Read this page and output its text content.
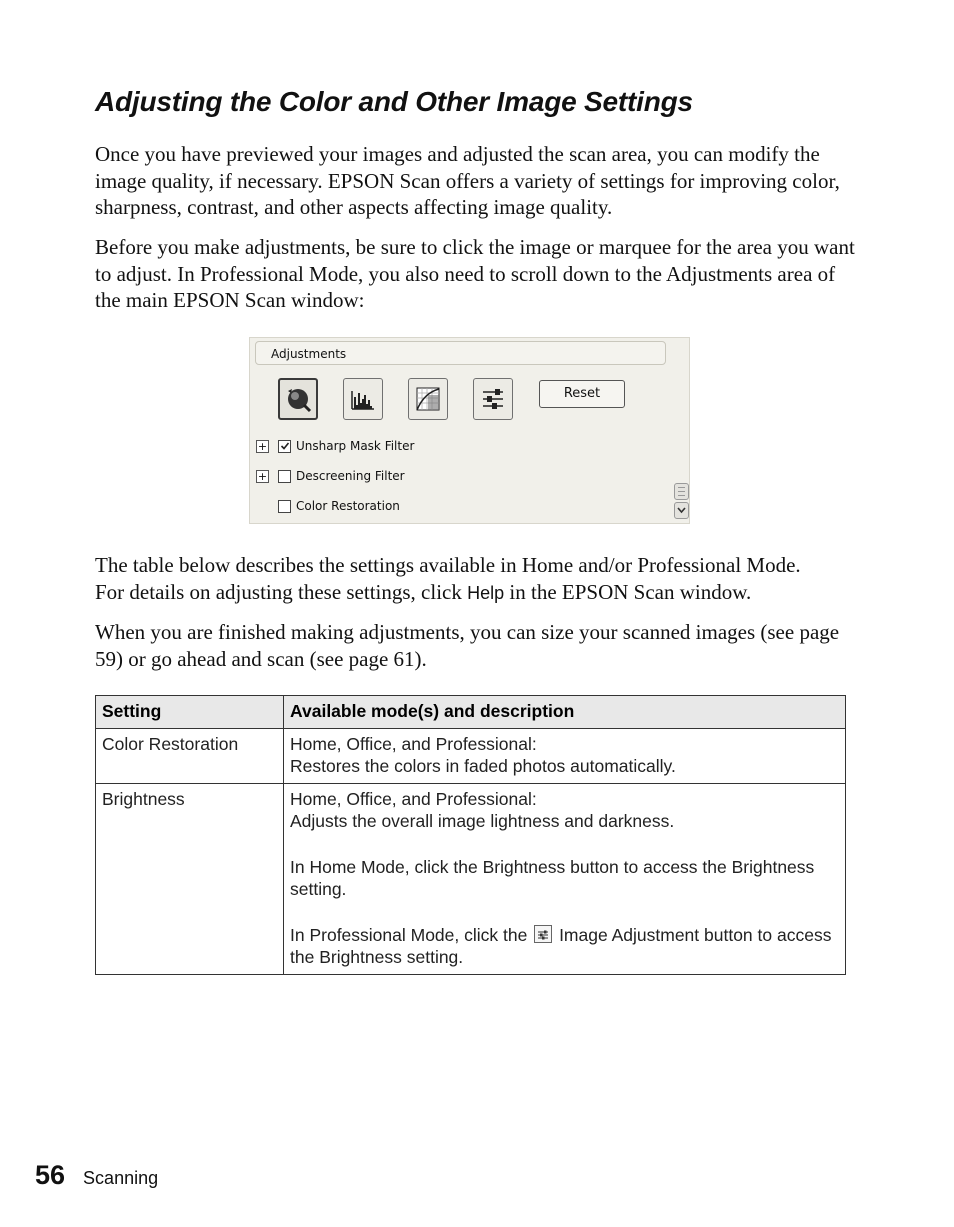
Adjusting the Color and Other Image Settings

Once you have previewed your images and adjusted the scan area, you can modify the image quality, if necessary. EPSON Scan offers a variety of settings for improving color, sharpness, contrast, and other aspects affecting image quality.

Before you make adjustments, be sure to click the image or marquee for the area you want to adjust. In Professional Mode, you also need to scroll down to the Adjustments area of the main EPSON Scan window:

Adjustments
Reset
+ Unsharp Mask Filter
+ Descreening Filter
Color Restoration

The table below describes the settings available in Home and/or Professional Mode.
For details on adjusting these settings, click Help in the EPSON Scan window.

When you are finished making adjustments, you can size your scanned images (see page 59) or go ahead and scan (see page 61).

Setting	Available mode(s) and description
Color Restoration	Home, Office, and Professional:
Restores the colors in faded photos automatically.

Brightness	Home, Office, and Professional:
Adjusts the overall image lightness and darkness.
In Home Mode, click the Brightness button to access the Brightness setting.
In Professional Mode, click the  Image Adjustment button to access the Brightness setting.
56 Scanning
